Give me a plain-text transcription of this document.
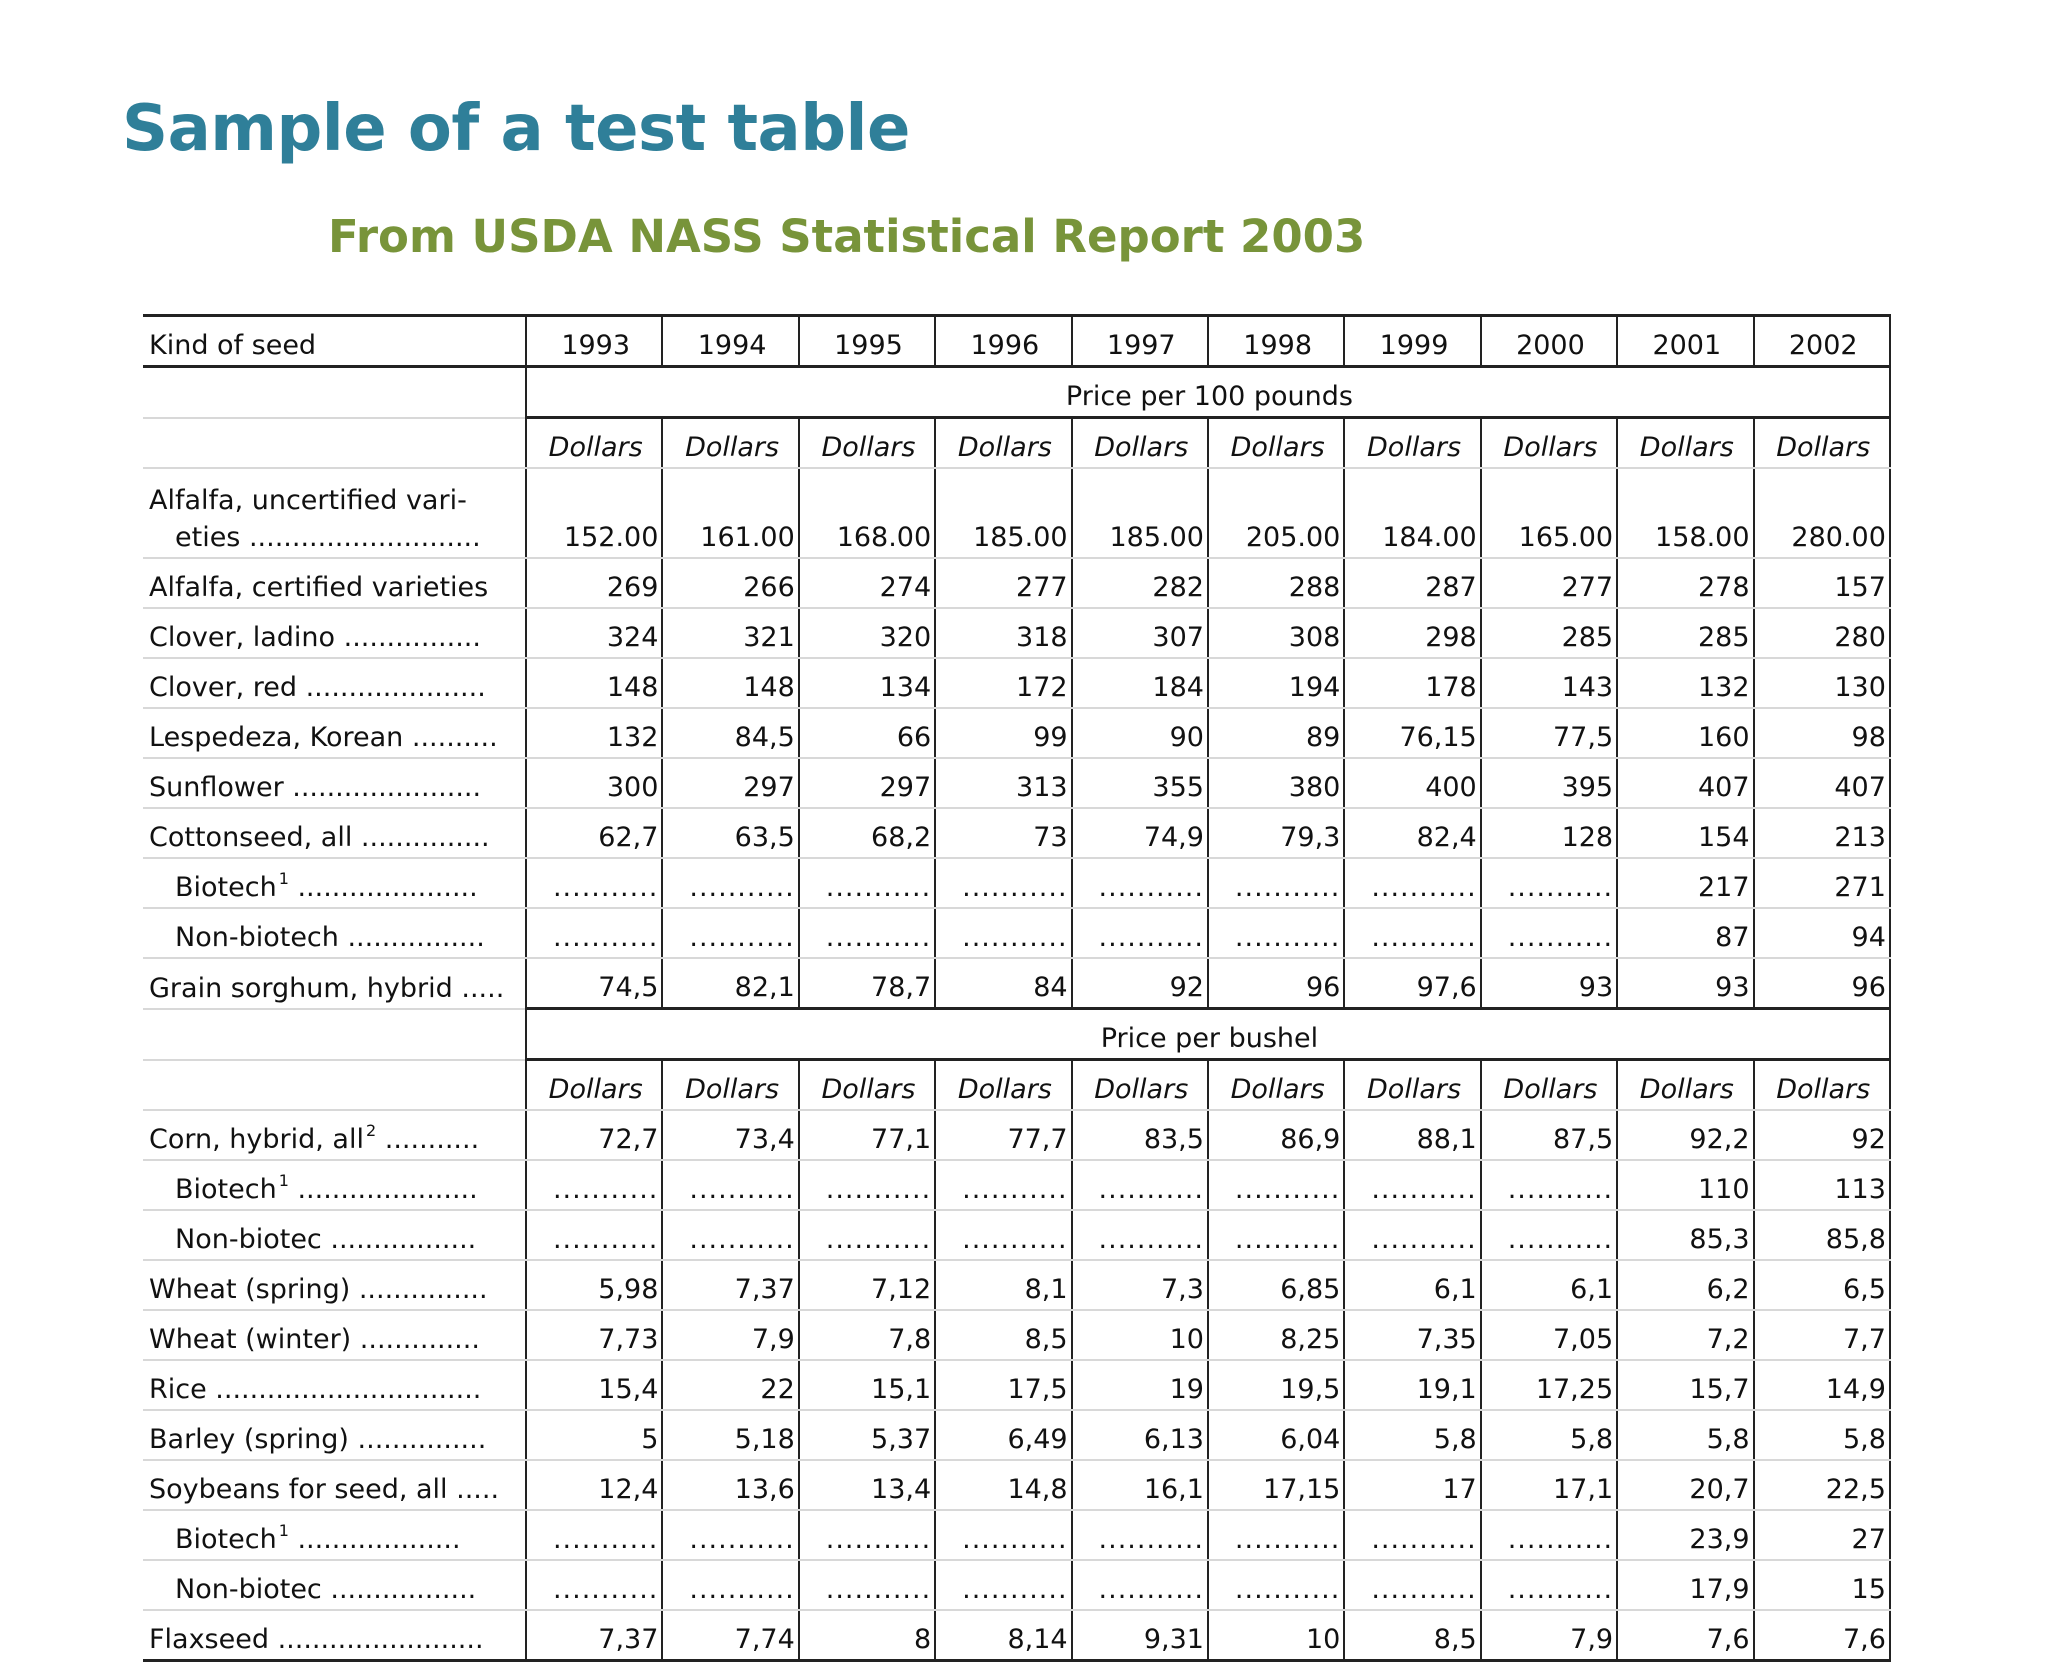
Sample of a test table
From USDA NASS Statistical Report 2003
Kind of seed	1993	1994	1995	1996	1997	1998	1999	2000	2001	2002
	Price per 100 pounds									
	Dollars	Dollars	Dollars	Dollars	Dollars	Dollars	Dollars	Dollars	Dollars	Dollars

Alfalfa, uncertified vari-
eties ...........................	152.00	161.00	168.00	185.00	185.00	205.00	184.00	165.00	158.00	280.00
Alfalfa, certified varieties	269	266	274	277	282	288	287	277	278	157
Clover, ladino ................	324	321	320	318	307	308	298	285	285	280
Clover, red .....................	148	148	134	172	184	194	178	143	132	130
Lespedeza, Korean ..........	132	84,5	66	99	90	89	76,15	77,5	160	98
Sunflower ......................	300	297	297	313	355	380	400	395	407	407
Cottonseed, all ...............	62,7	63,5	68,2	73	74,9	79,3	82,4	128	154	213
Biotech $^1$ .....................	...........	...........	...........	...........	...........	...........	...........	...........	217	271
Non-biotech ................	...........	...........	...........	...........	...........	...........	...........	...........	87	94
Grain sorghum, hybrid .....	74,5	82,1	78,7	84	92	96	97,6	93	93	96
	Price per bushel									
	Dollars	Dollars	Dollars	Dollars	Dollars	Dollars	Dollars	Dollars	Dollars	Dollars
Corn, hybrid, all $^2$ ...........	72,7	73,4	77,1	77,7	83,5	86,9	88,1	87,5	92,2	92
Biotech $^1$ .....................	...........	...........	...........	...........	...........	...........	...........	...........	110	113
Non-biotec .................	...........	...........	...........	...........	...........	...........	...........	...........	85,3	85,8
Wheat (spring) ...............	5,98	7,37	7,12	8,1	7,3	6,85	6,1	6,1	6,2	6,5
Wheat (winter) ..............	7,73	7,9	7,8	8,5	10	8,25	7,35	7,05	7,2	7,7
Rice ...............................	15,4	22	15,1	17,5	19	19,5	19,1	17,25	15,7	14,9
Barley (spring) ...............	5	5,18	5,37	6,49	6,13	6,04	5,8	5,8	5,8	5,8
Soybeans for seed, all .....	12,4	13,6	13,4	14,8	16,1	17,15	17	17,1	20,7	22,5
Biotech $^1$ ...................	...........	...........	...........	...........	...........	...........	...........	...........	23,9	27
Non-biotec .................	...........	...........	...........	...........	...........	...........	...........	...........	17,9	15
Flaxseed ........................	7,37	7,74	8	8,14	9,31	10	8,5	7,9	7,6	7,6
